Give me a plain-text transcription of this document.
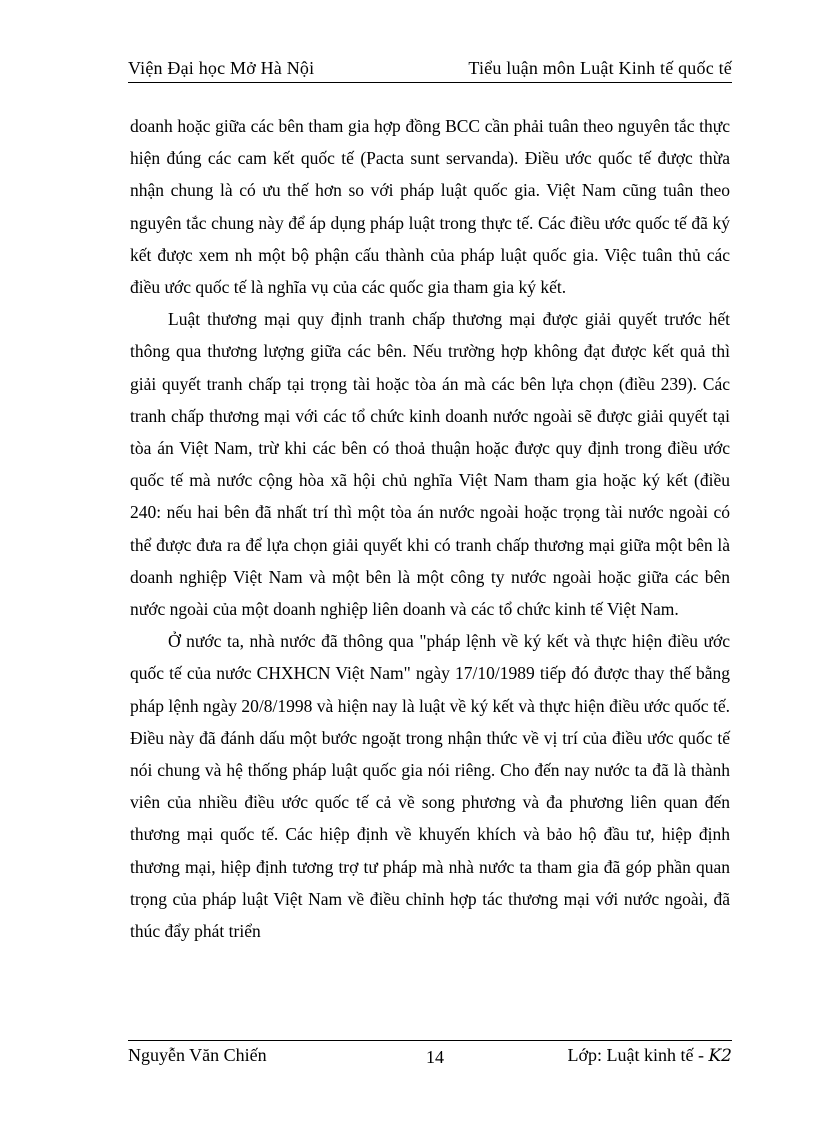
Viện Đại học Mở Hà Nội	Tiểu luận môn Luật Kinh tế quốc tế

doanh hoặc giữa các bên tham gia hợp đồng BCC cần phải tuân theo nguyên tắc thực hiện đúng các cam kết quốc tế (Pacta sunt servanda). Điều ước quốc tế được thừa nhận chung là có ưu thế hơn so với pháp luật quốc gia. Việt Nam cũng tuân theo nguyên tắc chung này để áp dụng pháp luật trong thực tế. Các điều ước quốc tế đã ký kết được xem nh một bộ phận cấu thành của pháp luật quốc gia. Việc tuân thủ các điều ước quốc tế là nghĩa vụ của các quốc gia tham gia ký kết.

Luật thương mại quy định tranh chấp thương mại được giải quyết trước hết thông qua thương lượng giữa các bên. Nếu trường hợp không đạt được kết quả thì giải quyết tranh chấp tại trọng tài hoặc tòa án mà các bên lựa chọn (điều 239). Các tranh chấp thương mại với các tổ chức kinh doanh nước ngoài sẽ được giải quyết tại tòa án Việt Nam, trừ khi các bên có thoả thuận hoặc được quy định trong điều ước quốc tế mà nước cộng hòa xã hội chủ nghĩa Việt Nam tham gia hoặc ký kết (điều 240: nếu hai bên đã nhất trí thì một tòa án nước ngoài hoặc trọng tài nước ngoài có thể được đưa ra để lựa chọn giải quyết khi có tranh chấp thương mại giữa một bên là doanh nghiệp Việt Nam và một bên là một công ty nước ngoài hoặc giữa các bên nước ngoài của một doanh nghiệp liên doanh và các tổ chức kinh tế Việt Nam.

Ở nước ta, nhà nước đã thông qua "pháp lệnh về ký kết và thực hiện điều ước quốc tế của nước CHXHCN Việt Nam" ngày 17/10/1989 tiếp đó được thay thế bằng pháp lệnh ngày 20/8/1998 và hiện nay là luật về ký kết và thực hiện điều ước quốc tế. Điều này đã đánh dấu một bước ngoặt trong nhận thức về vị trí của điều ước quốc tế nói chung và hệ thống pháp luật quốc gia nói riêng. Cho đến nay nước ta đã là thành viên của nhiều điều ước quốc tế cả về song phương và đa phương liên quan đến thương mại quốc tế. Các hiệp định về khuyến khích và bảo hộ đầu tư, hiệp định thương mại, hiệp định tương trợ tư pháp mà nhà nước ta tham gia đã góp phần quan trọng của pháp luật Việt Nam về điều chỉnh hợp tác thương mại với nước ngoài, đã thúc đẩy phát triển

Nguyễn Văn Chiến	14	Lớp: Luật kinh tế - K2
